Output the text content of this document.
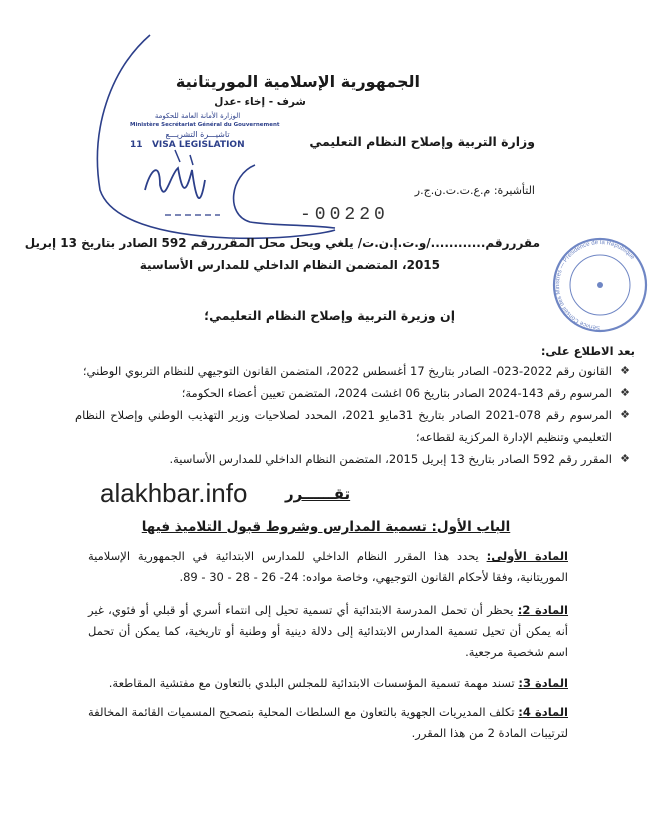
Service Conseil des Ministres — Présidence de la République
الوزارة الأمانة العامة للحكومة
Ministère Secrétariat Général du Gouvernement
تاشيـــرة التشريـــع
11 VISA LEGISLATION
الجمهورية الإسلامية الموريتانية
شرف - إخاء -عدل
وزارة التربية وإصلاح النظام التعليمي
التأشيرة: م.ع.ت.ت.ن.ج.ر
-00220
مقرررقم............/و.ت.إ.ن.ت/ يلغي ويحل محل المقرررقم 592 الصادر بتاريخ 13 إبريل
2015، المتضمن النظام الداخلي للمدارس الأساسية
إن وزيرة التربية وإصلاح النظام التعليمي؛
بعد الاطلاع على:
❖
القانون رقم 2022-023- الصادر بتاريخ 17 أغسطس 2022، المتضمن القانون التوجيهي للنظام التربوي الوطني؛
❖
المرسوم رقم 143-2024 الصادر بتاريخ 06 اغشت 2024، المتضمن تعيين أعضاء الحكومة؛
❖
المرسوم رقم 078-2021 الصادر بتاريخ 31مايو 2021، المحدد لصلاحيات وزير التهذيب الوطني وإصلاح النظام التعليمي وتنظيم الإدارة المركزية لقطاعه؛
❖
المقرر رقم 592 الصادر بتاريخ 13 إبريل 2015، المتضمن النظام الداخلي للمدارس الأساسية.
alakhbar.info	تقــــــرر
الباب الأول: تسمية المدارس وشروط قبول التلاميذ فيها
المادة الأولى: يحدد هذا المقرر النظام الداخلي للمدارس الابتدائية في الجمهورية الإسلامية الموريتانية، وفقا لأحكام القانون التوجيهي، وخاصة مواده: 24- 26 - 28 - 30 - 89.
المادة 2: يحظر أن تحمل المدرسة الابتدائية أي تسمية تحيل إلى انتماء أسري أو قبلي أو فئوي، غير أنه يمكن أن تحيل تسمية المدارس الابتدائية إلى دلالة دينية أو وطنية أو تاريخية، كما يمكن أن تحمل اسم شخصية مرجعية.
المادة 3: تسند مهمة تسمية المؤسسات الابتدائية للمجلس البلدي بالتعاون مع مفتشية المقاطعة.
المادة 4: تكلف المديريات الجهوية بالتعاون مع السلطات المحلية بتصحيح المسميات القائمة المخالفة لترتيبات المادة 2 من هذا المقرر.
